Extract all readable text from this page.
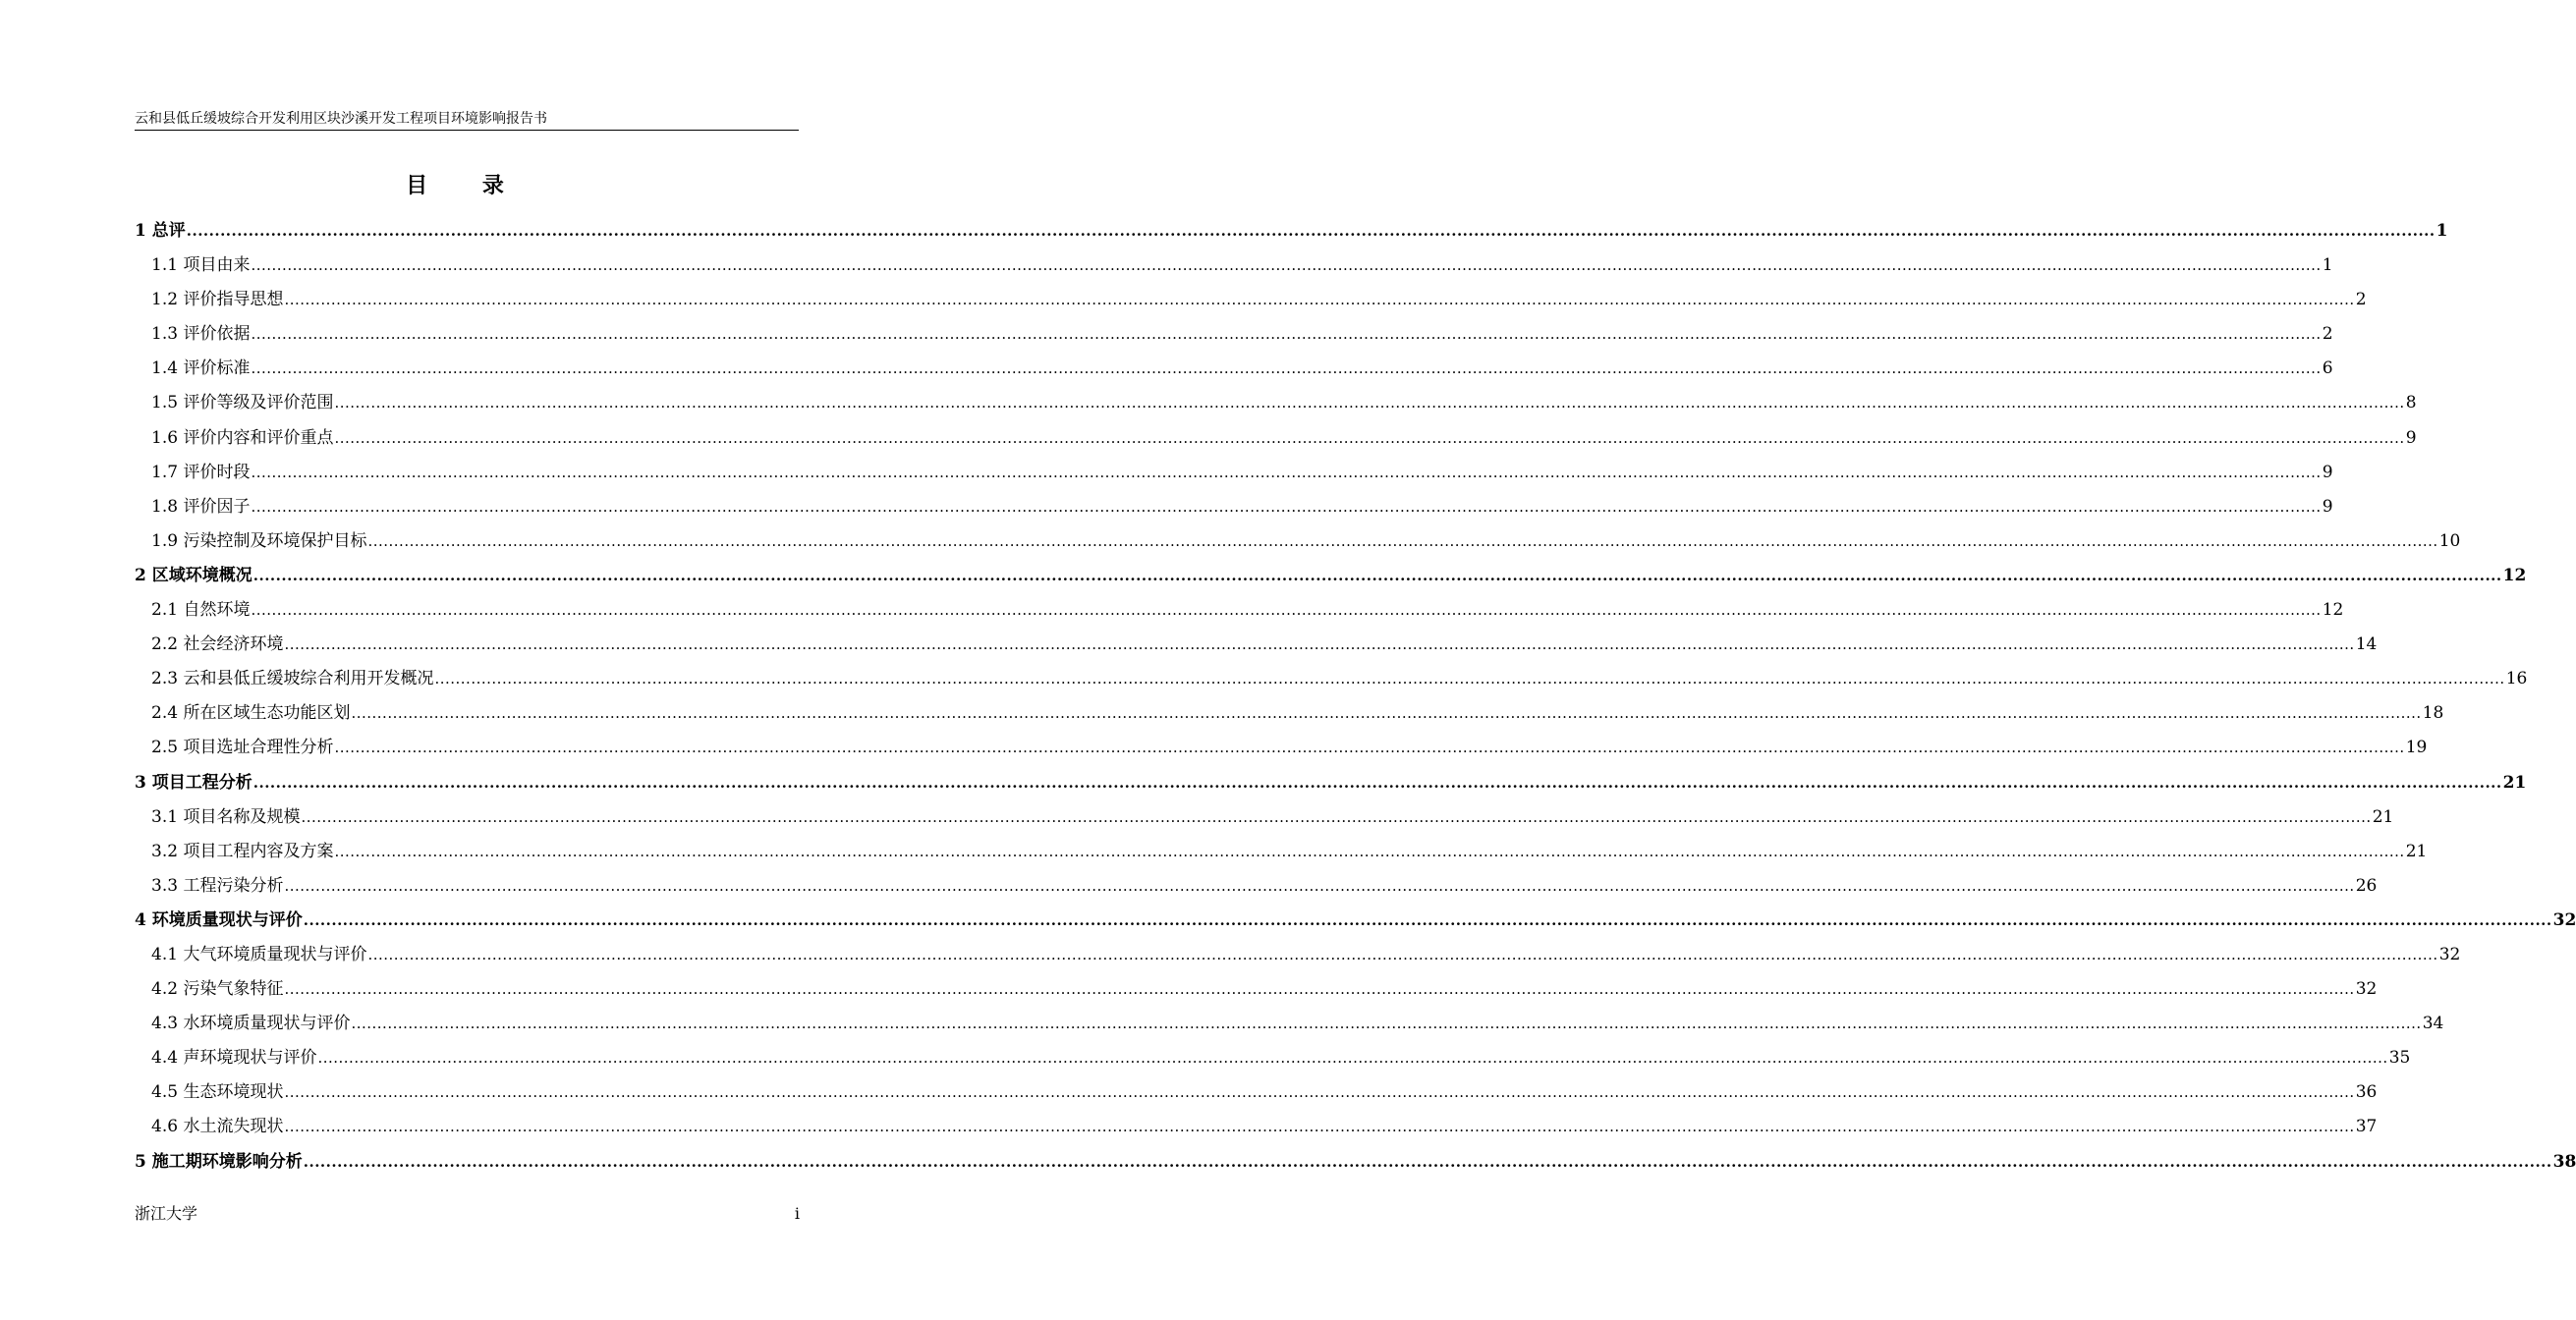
云和县低丘缓坡综合开发利用区块沙溪开发工程项目环境影响报告书
目 录
1 总评 ................................................................................................................................................................................................................................................................................................................................................................................................................ 1
1.1 项目由来 ................................................................................................................................................................................................................................................................................................................................................................................................................ 1
1.2 评价指导思想 ................................................................................................................................................................................................................................................................................................................................................................................................................ 2
1.3 评价依据 ................................................................................................................................................................................................................................................................................................................................................................................................................ 2
1.4 评价标准 ................................................................................................................................................................................................................................................................................................................................................................................................................ 6
1.5 评价等级及评价范围 ................................................................................................................................................................................................................................................................................................................................................................................................................ 8
1.6 评价内容和评价重点 ................................................................................................................................................................................................................................................................................................................................................................................................................ 9
1.7 评价时段 ................................................................................................................................................................................................................................................................................................................................................................................................................ 9
1.8 评价因子 ................................................................................................................................................................................................................................................................................................................................................................................................................ 9
1.9 污染控制及环境保护目标 ................................................................................................................................................................................................................................................................................................................................................................................................................ 10
2 区域环境概况 ................................................................................................................................................................................................................................................................................................................................................................................................................ 12
2.1 自然环境 ................................................................................................................................................................................................................................................................................................................................................................................................................ 12
2.2 社会经济环境 ................................................................................................................................................................................................................................................................................................................................................................................................................ 14
2.3 云和县低丘缓坡综合利用开发概况 ................................................................................................................................................................................................................................................................................................................................................................................................................ 16
2.4 所在区域生态功能区划 ................................................................................................................................................................................................................................................................................................................................................................................................................ 18
2.5 项目选址合理性分析 ................................................................................................................................................................................................................................................................................................................................................................................................................ 19
3 项目工程分析 ................................................................................................................................................................................................................................................................................................................................................................................................................ 21
3.1 项目名称及规模 ................................................................................................................................................................................................................................................................................................................................................................................................................ 21
3.2 项目工程内容及方案 ................................................................................................................................................................................................................................................................................................................................................................................................................ 21
3.3 工程污染分析 ................................................................................................................................................................................................................................................................................................................................................................................................................ 26
4 环境质量现状与评价 ................................................................................................................................................................................................................................................................................................................................................................................................................ 32
4.1 大气环境质量现状与评价 ................................................................................................................................................................................................................................................................................................................................................................................................................ 32
4.2 污染气象特征 ................................................................................................................................................................................................................................................................................................................................................................................................................ 32
4.3 水环境质量现状与评价 ................................................................................................................................................................................................................................................................................................................................................................................................................ 34
4.4 声环境现状与评价 ................................................................................................................................................................................................................................................................................................................................................................................................................ 35
4.5 生态环境现状 ................................................................................................................................................................................................................................................................................................................................................................................................................ 36
4.6 水土流失现状 ................................................................................................................................................................................................................................................................................................................................................................................................................ 37
5 施工期环境影响分析 ................................................................................................................................................................................................................................................................................................................................................................................................................ 38
浙江大学	i
